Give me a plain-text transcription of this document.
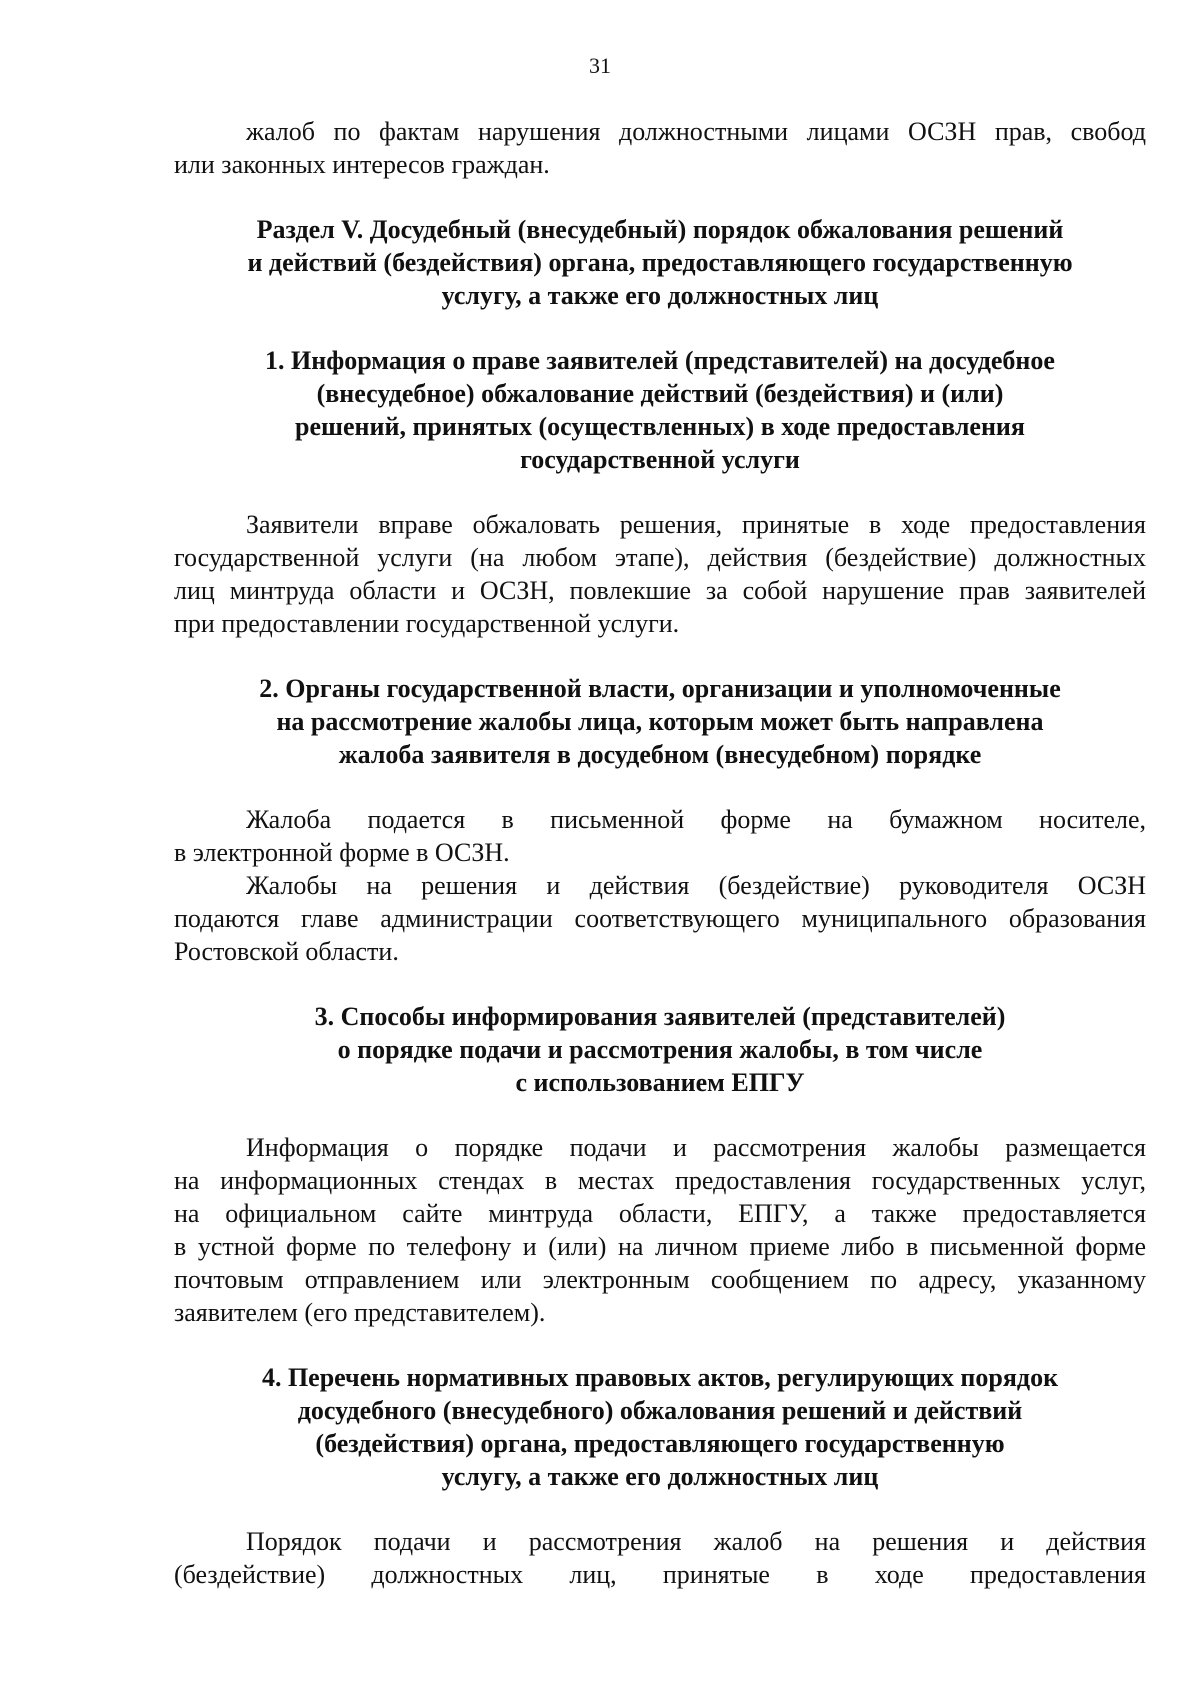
31

жалоб по фактам нарушения должностными лицами ОСЗН прав, свобод
или законных интересов граждан.

Раздел V. Досудебный (внесудебный) порядок обжалования решений
и действий (бездействия) органа, предоставляющего государственную
услугу, а также его должностных лиц
1. Информация о праве заявителей (представителей) на досудебное
(внесудебное) обжалование действий (бездействия) и (или)
решений, принятых (осуществленных) в ходе предоставления
государственной услуги

Заявители вправе обжаловать решения, принятые в ходе предоставления
государственной услуги (на любом этапе), действия (бездействие) должностных
лиц минтруда области и ОСЗН, повлекшие за собой нарушение прав заявителей
при предоставлении государственной услуги.

2. Органы государственной власти, организации и уполномоченные
на рассмотрение жалобы лица, которым может быть направлена
жалоба заявителя в досудебном (внесудебном) порядке

Жалоба подается в письменной форме на бумажном носителе,
в электронной форме в ОСЗН.

Жалобы на решения и действия (бездействие) руководителя ОСЗН
подаются главе администрации соответствующего муниципального образования
Ростовской области.

3. Способы информирования заявителей (представителей)
о порядке подачи и рассмотрения жалобы, в том числе
с использованием ЕПГУ

Информация о порядке подачи и рассмотрения жалобы размещается
на информационных стендах в местах предоставления государственных услуг,
на официальном сайте минтруда области, ЕПГУ, а также предоставляется
в устной форме по телефону и (или) на личном приеме либо в письменной форме
почтовым отправлением или электронным сообщением по адресу, указанному
заявителем (его представителем).

4. Перечень нормативных правовых актов, регулирующих порядок
досудебного (внесудебного) обжалования решений и действий
(бездействия) органа, предоставляющего государственную
услугу, а также его должностных лиц

Порядок подачи и рассмотрения жалоб на решения и действия
(бездействие) должностных лиц, принятые в ходе предоставления
